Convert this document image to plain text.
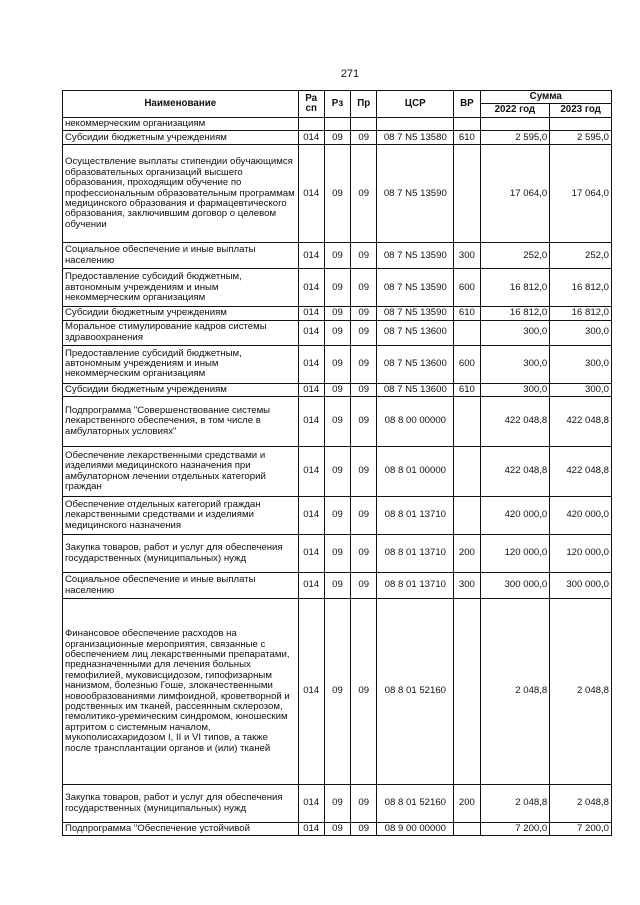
271
Наименование	Ра сп	Рз	Пр	ЦСР	ВР	Сумма	
						2022 год	2023 год
некоммерческим организациям							
Субсидии бюджетным учреждениям	014	09	09	08 7 N5 13580	610	2 595,0	2 595,0
Осуществление выплаты стипендии обучающимся образовательных организаций высшего образования, проходящим обучение по профессиональным образовательным программам медицинского образования и фармацевтического образования, заключившим договор о целевом обучении	014	09	09	08 7 N5 13590		17 064,0	17 064,0
Социальное обеспечение и иные выплаты населению	014	09	09	08 7 N5 13590	300	252,0	252,0
Предоставление субсидий бюджетным, автономным учреждениям и иным некоммерческим организациям	014	09	09	08 7 N5 13590	600	16 812,0	16 812,0
Субсидии бюджетным учреждениям	014	09	09	08 7 N5 13590	610	16 812,0	16 812,0
Моральное стимулирование кадров системы здравоохранения	014	09	09	08 7 N5 13600		300,0	300,0
Предоставление субсидий бюджетным, автономным учреждениям и иным некоммерческим организациям	014	09	09	08 7 N5 13600	600	300,0	300,0
Субсидии бюджетным учреждениям	014	09	09	08 7 N5 13600	610	300,0	300,0
Подпрограмма "Совершенствование системы лекарственного обеспечения, в том числе в амбулаторных условиях"	014	09	09	08 8 00 00000		422 048,8	422 048,8
Обеспечение лекарственными средствами и изделиями медицинского назначения при амбулаторном лечении отдельных категорий граждан	014	09	09	08 8 01 00000		422 048,8	422 048,8
Обеспечение отдельных категорий граждан лекарственными средствами и изделиями медицинского назначения	014	09	09	08 8 01 13710		420 000,0	420 000,0
Закупка товаров, работ и услуг для обеспечения государственных (муниципальных) нужд	014	09	09	08 8 01 13710	200	120 000,0	120 000,0
Социальное обеспечение и иные выплаты населению	014	09	09	08 8 01 13710	300	300 000,0	300 000,0
Финансовое обеспечение расходов на организационные мероприятия, связанные с обеспечением лиц лекарственными препаратами, предназначенными для лечения больных гемофилией, муковисцидозом, гипофизарным нанизмом, болезнью Гоше, злокачественными новообразованиями лимфоидной, кроветворной и родственных им тканей, рассеянным склерозом, гемолитико-уремическим синдромом, юношеским артритом с системным началом, мукополисахаридозом I, II и VI типов, а также после трансплантации органов и (или) тканей	014	09	09	08 8 01 52160		2 048,8	2 048,8
Закупка товаров, работ и услуг для обеспечения государственных (муниципальных) нужд	014	09	09	08 8 01 52160	200	2 048,8	2 048,8
Подпрограмма "Обеспечение устойчивой	014	09	09	08 9 00 00000		7 200,0	7 200,0
